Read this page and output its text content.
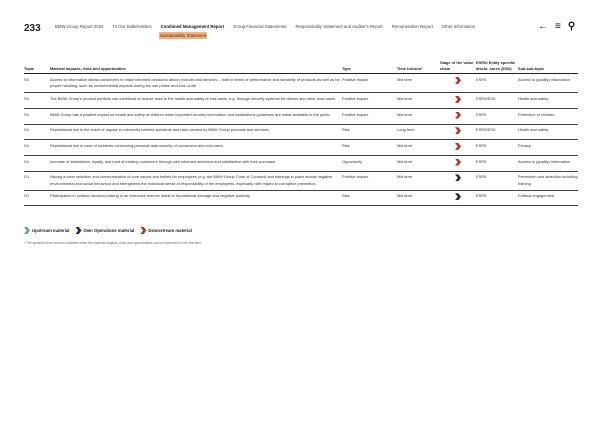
233	BMW Group Report 2024 To Our Stakeholders Combined Management Report Group Financial Statements Responsibility Statement and Auditor's Report Remuneration Report Other Information
Sustainability Statement
← ≡ ⚲
Topic	Material impacts, risks and opportunities	Type	Time horizon¹	Stage of the value chain	ESRS/ Entity specific disclo- sures (ESD)	Sub-sub-topic
S4	Access to information allows consumers to make informed decisions about products and services – both in terms of performance and durability of products as well as for proper handling, such as environmental impacts during the use phase and end-of-life.	Positive impact	Mid term		ESRS	Access to (quality) information
S4	The BMW Group's product portfolio can contribute to reduce risks to the health and safety of end-users, e.g. through security systems for drivers and other road users.	Positive impact	Mid term		ESRS/ESD	Health and safety
S4	BMW Group has a positive impact on health and safety of children when important security information and installations guidelines are made available to the public.	Positive impact	Mid term		ESRS	Protection of children
S4	Reputational risk in the event of regular or extremely harmful accidents and risks caused by BMW Group products and services.	Risk	Long term		ESRS/ESD	Health and safety
S4	Reputational risk in case of incidents concerning personal data security of consumers and end-users.	Risk	Mid term		ESRS	Privacy
S4	Increase of satisfaction, loyalty, and trust of existing customers through well informed decisions and satisfaction with their purchase.	Opportunity	Mid term		ESRS	Access to (quality) information
G1	Having a clear selection and communication of core values and beliefs for employees (e.g. the BMW Group Code of Conduct) and trainings in place avoids negative environmental and social behaviour and strengthens the individual sense of responsibility of the employees, especially with regard to corruption prevention.	Positive impact	Mid term		ESRS	Prevention and detection including training
G1	Participation in political decision-making in an extensive manner leads to reputational damage and negative publicity.	Risk	Mid term		ESRS	Political engagement
Upstream material	Own Operations material	Downstream material
¹ The specified time horizon indicates when the material impacts, risks and opportunities can be expected for the first time.
